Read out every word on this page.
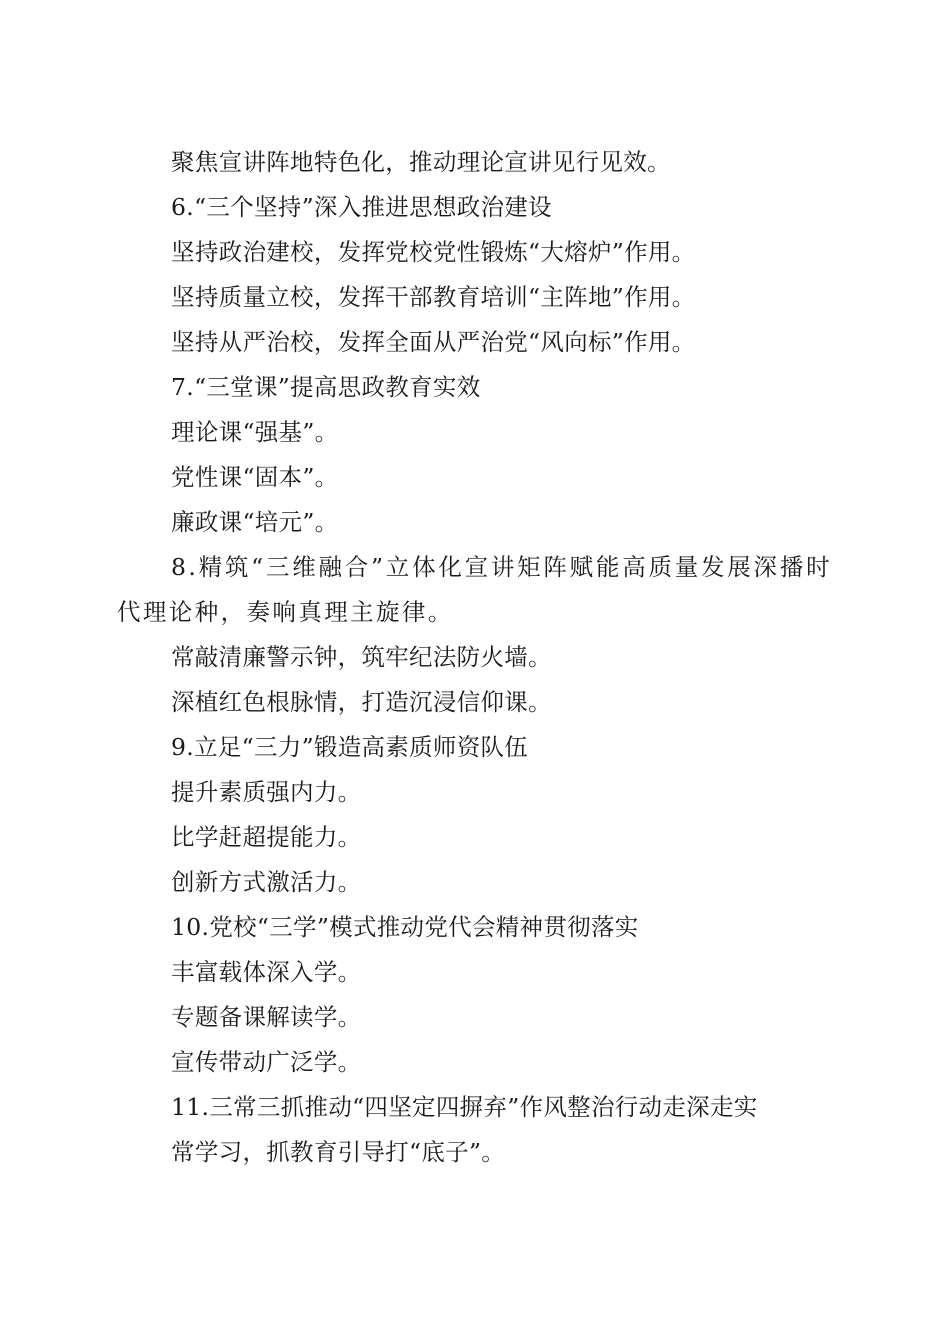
聚焦宣讲阵地特色化，推动理论宣讲见行见效。
6.“三个坚持”深入推进思想政治建设
坚持政治建校，发挥党校党性锻炼“大熔炉”作用。
坚持质量立校，发挥干部教育培训“主阵地”作用。
坚持从严治校，发挥全面从严治党“风向标”作用。
7.“三堂课”提高思政教育实效
理论课“强基”。
党性课“固本”。
廉政课“培元”。
8.精筑“三维融合”立体化宣讲矩阵赋能高质量发展深播时代理论种，奏响真理主旋律。
常敲清廉警示钟，筑牢纪法防火墙。
深植红色根脉情，打造沉浸信仰课。
9.立足“三力”锻造高素质师资队伍
提升素质强内力。
比学赶超提能力。
创新方式激活力。
10.党校“三学”模式推动党代会精神贯彻落实
丰富载体深入学。
专题备课解读学。
宣传带动广泛学。
11.三常三抓推动“四坚定四摒弃”作风整治行动走深走实
常学习，抓教育引导打“底子”。
